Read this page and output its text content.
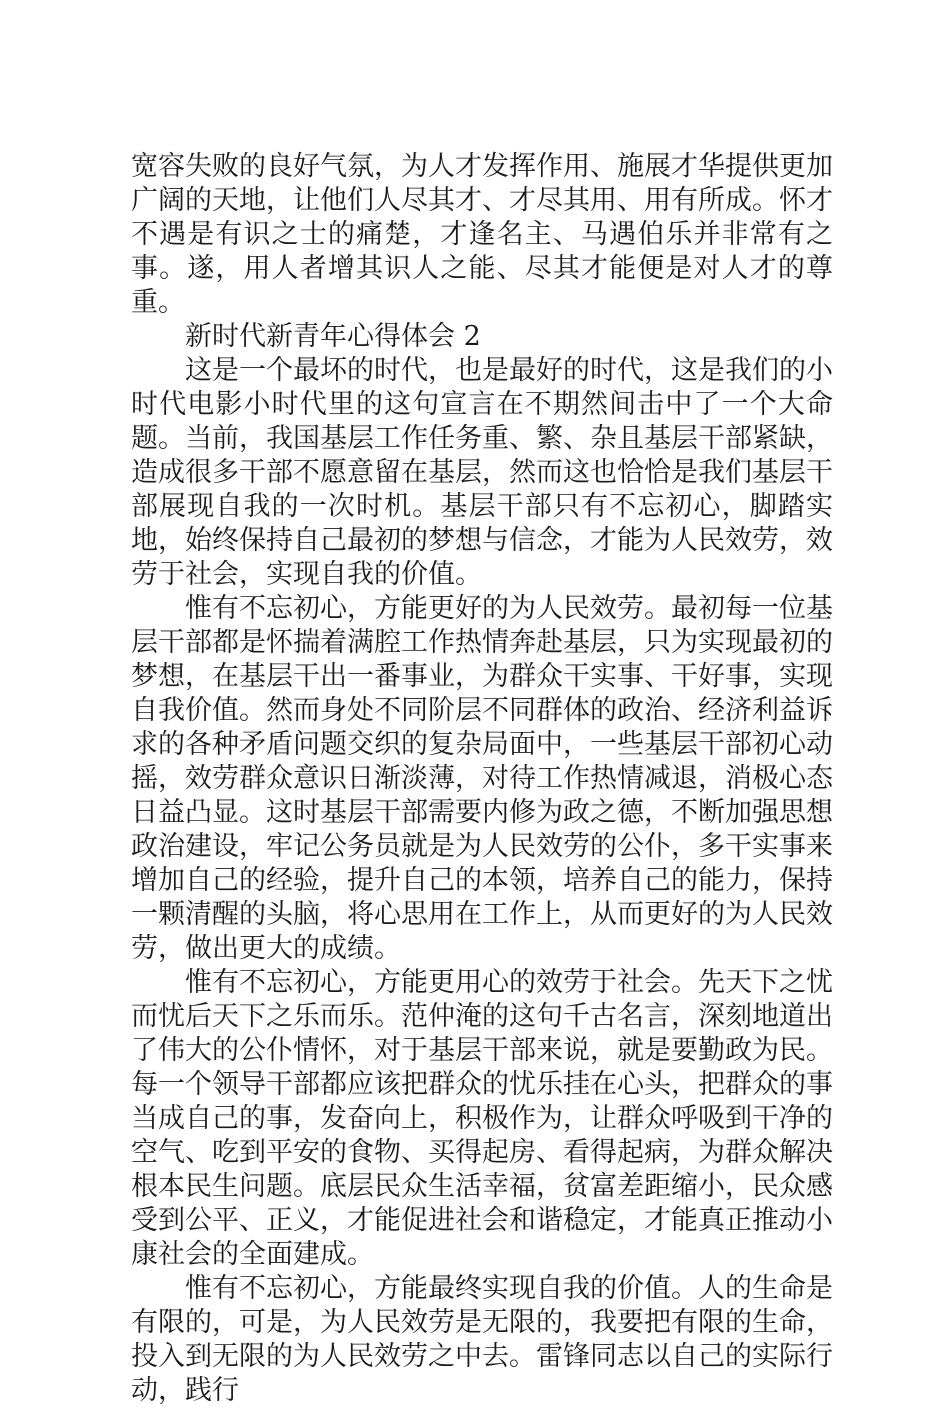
宽容失败的良好气氛，为人才发挥作用、施展才华提供更加广阔的天地，让他们人尽其才、才尽其用、用有所成。怀才不遇是有识之士的痛楚，才逢名主、马遇伯乐并非常有之事。遂，用人者增其识人之能、尽其才能便是对人才的尊重。

新时代新青年心得体会 2

这是一个最坏的时代，也是最好的时代，这是我们的小时代电影小时代里的这句宣言在不期然间击中了一个大命题。当前，我国基层工作任务重、繁、杂且基层干部紧缺，造成很多干部不愿意留在基层，然而这也恰恰是我们基层干部展现自我的一次时机。基层干部只有不忘初心，脚踏实地，始终保持自己最初的梦想与信念，才能为人民效劳，效劳于社会，实现自我的价值。

惟有不忘初心，方能更好的为人民效劳。最初每一位基层干部都是怀揣着满腔工作热情奔赴基层，只为实现最初的梦想，在基层干出一番事业，为群众干实事、干好事，实现自我价值。然而身处不同阶层不同群体的政治、经济利益诉求的各种矛盾问题交织的复杂局面中，一些基层干部初心动摇，效劳群众意识日渐淡薄，对待工作热情减退，消极心态日益凸显。这时基层干部需要内修为政之德，不断加强思想政治建设，牢记公务员就是为人民效劳的公仆，多干实事来增加自己的经验，提升自己的本领，培养自己的能力，保持一颗清醒的头脑，将心思用在工作上，从而更好的为人民效劳，做出更大的成绩。

惟有不忘初心，方能更用心的效劳于社会。先天下之忧而忧后天下之乐而乐。范仲淹的这句千古名言，深刻地道出了伟大的公仆情怀，对于基层干部来说，就是要勤政为民。每一个领导干部都应该把群众的忧乐挂在心头，把群众的事当成自己的事，发奋向上，积极作为，让群众呼吸到干净的空气、吃到平安的食物、买得起房、看得起病，为群众解决根本民生问题。底层民众生活幸福，贫富差距缩小，民众感受到公平、正义，才能促进社会和谐稳定，才能真正推动小康社会的全面建成。

惟有不忘初心，方能最终实现自我的价值。人的生命是有限的，可是，为人民效劳是无限的，我要把有限的生命，投入到无限的为人民效劳之中去。雷锋同志以自己的实际行动，践行
